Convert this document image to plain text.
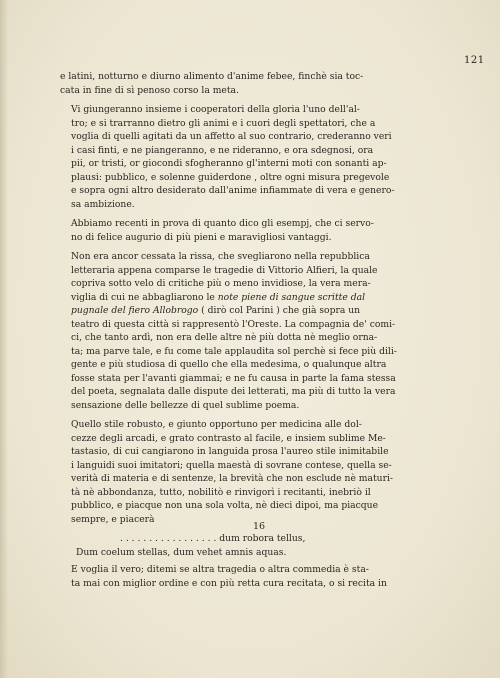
121

e latini, notturno e diurno alimento d'anime febee, finchè sia toc-
cata in fine di sì penoso corso la meta.

Vi giungeranno insieme i cooperatori della gloria l'uno dell'al-
tro; e si trarranno dietro gli animi e i cuori degli spettatori, che a
voglia di quelli agitati da un affetto al suo contrario, crederanno veri
i casi finti, e ne piangeranno, e ne rideranno, e ora sdegnosi, ora
pii, or tristi, or giocondi sfogheranno gl'interni moti con sonanti ap-
plausi: pubblico, e solenne guiderdone , oltre ogni misura pregevole
e sopra ogni altro desiderato dall'anime infiammate di vera e genero-
sa ambizione.

Abbiamo recenti in prova di quanto dico gli esempj, che ci servo-
no di felice augurio di più pieni e maravigliosi vantaggi.

Non era ancor cessata la rissa, che svegliarono nella repubblica
letteraria appena comparse le tragedie di Vittorio Alfieri, la quale
copriva sotto velo di critiche più o meno invidiose, la vera mera-
viglia di cui ne abbagliarono le note piene di sangue scritte dal
pugnale del fiero Allobrogo ( dirò col Parini ) che già sopra un
teatro di questa città si rappresentò l'Oreste. La compagnia de' comi-
ci, che tanto ardì, non era delle altre nè più dotta nè meglio orna-
ta; ma parve tale, e fu come tale applaudita sol perchè si fece più dili-
gente e più studiosa di quello che ella medesima, o qualunque altra
fosse stata per l'avanti giammai; e ne fu causa in parte la fama stessa
del poeta, segnalata dalle dispute dei letterati, ma più di tutto la vera
sensazione delle bellezze di quel sublime poema.

Quello stile robusto, e giunto opportuno per medicina alle dol-
cezze degli arcadi, e grato contrasto al facile, e insiem sublime Me-
tastasio, di cui cangiarono in languida prosa l'aureo stile inimitabile
i languidi suoi imitatori; quella maestà di sovrane contese, quella se-
verità di materia e di sentenze, la brevità che non esclude nè maturi-
tà nè abbondanza, tutto, nobilitò e rinvigorì i recitanti, inebriò il
pubblico, e piacque non una sola volta, nè dieci dipoi, ma piacque
sempre, e piacerà

. . . . . . . . . . . . . . . . . dum robora tellus,
Dum coelum stellas, dum vehet amnis aquas.

E voglia il vero; ditemi se altra tragedia o altra commedia è sta-
ta mai con miglior ordine e con più retta cura recitata, o si recita in

16
